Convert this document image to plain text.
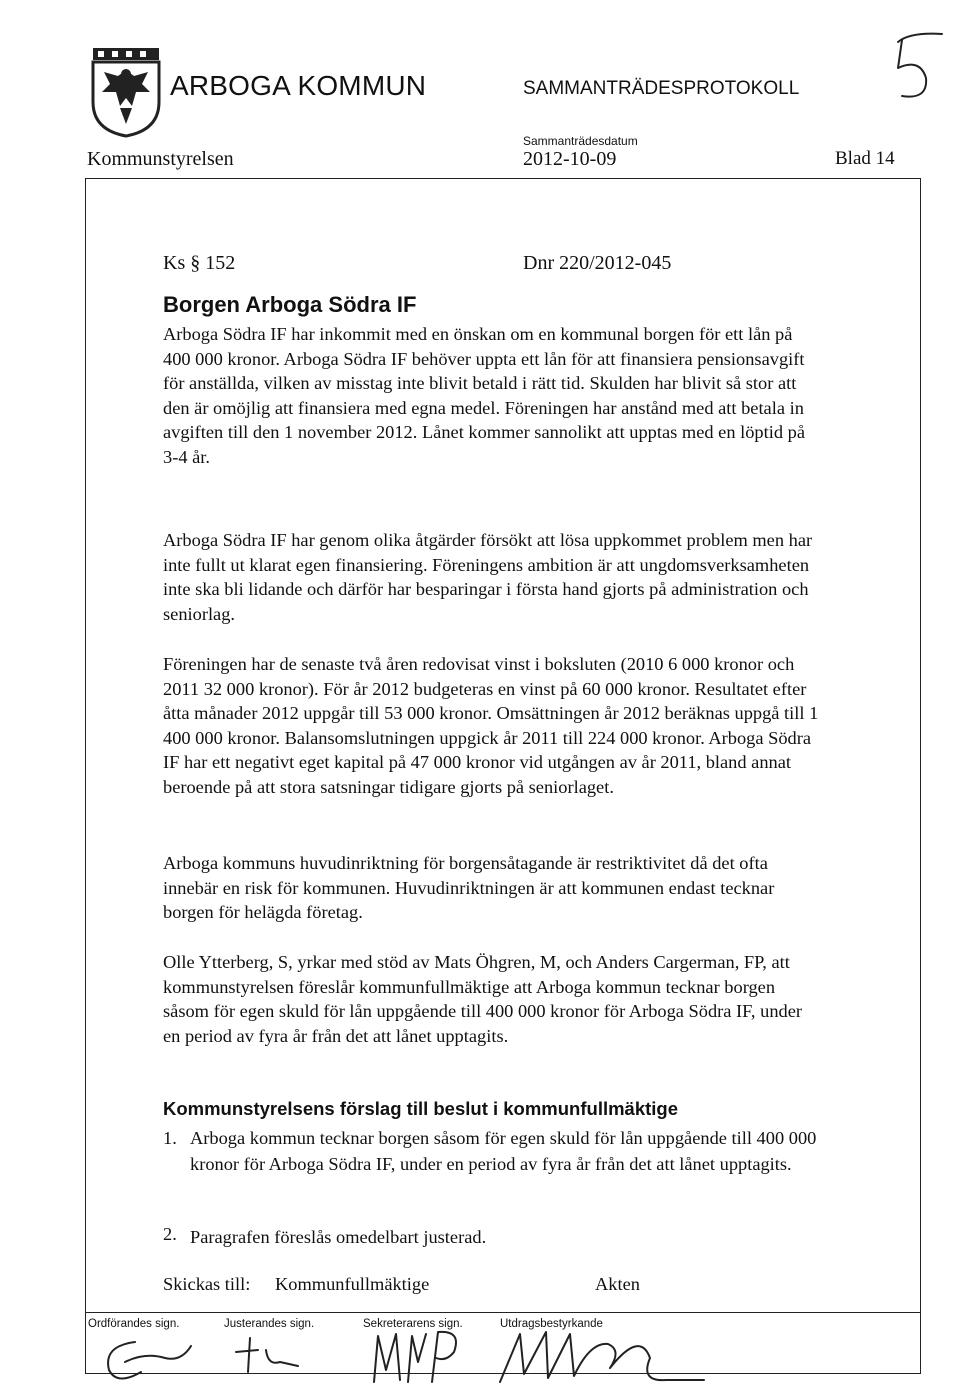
ARBOGA KOMMUN	SAMMANTRÄDESPROTOKOLL
Sammanträdesdatum
Kommunstyrelsen	2012-10-09	Blad 14
Ks § 152	Dnr 220/2012-045
Borgen Arboga Södra IF

Arboga Södra IF har inkommit med en önskan om en kommunal borgen för ett lån på 400 000 kronor. Arboga Södra IF behöver uppta ett lån för att finansiera pensionsavgift för anställda, vilken av misstag inte blivit betald i rätt tid. Skulden har blivit så stor att den är omöjlig att finansiera med egna medel. Föreningen har anstånd med att betala in avgiften till den 1 november 2012. Lånet kommer sannolikt att upptas med en löptid på 3-4 år.

Arboga Södra IF har genom olika åtgärder försökt att lösa uppkommet problem men har inte fullt ut klarat egen finansiering. Föreningens ambition är att ungdomsverksamheten inte ska bli lidande och därför har besparingar i första hand gjorts på administration och seniorlag.

Föreningen har de senaste två åren redovisat vinst i boksluten (2010 6 000 kronor och 2011 32 000 kronor). För år 2012 budgeteras en vinst på 60 000 kronor. Resultatet efter åtta månader 2012 uppgår till 53 000 kronor. Omsättningen år 2012 beräknas uppgå till 1 400 000 kronor. Balansomslutningen uppgick år 2011 till 224 000 kronor. Arboga Södra IF har ett negativt eget kapital på 47 000 kronor vid utgången av år 2011, bland annat beroende på att stora satsningar tidigare gjorts på seniorlaget.

Arboga kommuns huvudinriktning för borgensåtagande är restriktivitet då det ofta innebär en risk för kommunen. Huvudinriktningen är att kommunen endast tecknar borgen för helägda företag.

Olle Ytterberg, S, yrkar med stöd av Mats Öhgren, M, och Anders Cargerman, FP, att kommunstyrelsen föreslår kommunfullmäktige att Arboga kommun tecknar borgen såsom för egen skuld för lån uppgående till 400 000 kronor för Arboga Södra IF, under en period av fyra år från det att lånet upptagits.

Kommunstyrelsens förslag till beslut i kommunfullmäktige
1. Arboga kommun tecknar borgen såsom för egen skuld för lån uppgående till 400 000 kronor för Arboga Södra IF, under en period av fyra år från det att lånet upptagits.

2. Paragrafen föreslås omedelbart justerad.

Skickas till: Kommunfullmäktige	Akten
Ordförandes sign.	Justerandes sign.	Sekreterarens sign.	Utdragsbestyrkande
